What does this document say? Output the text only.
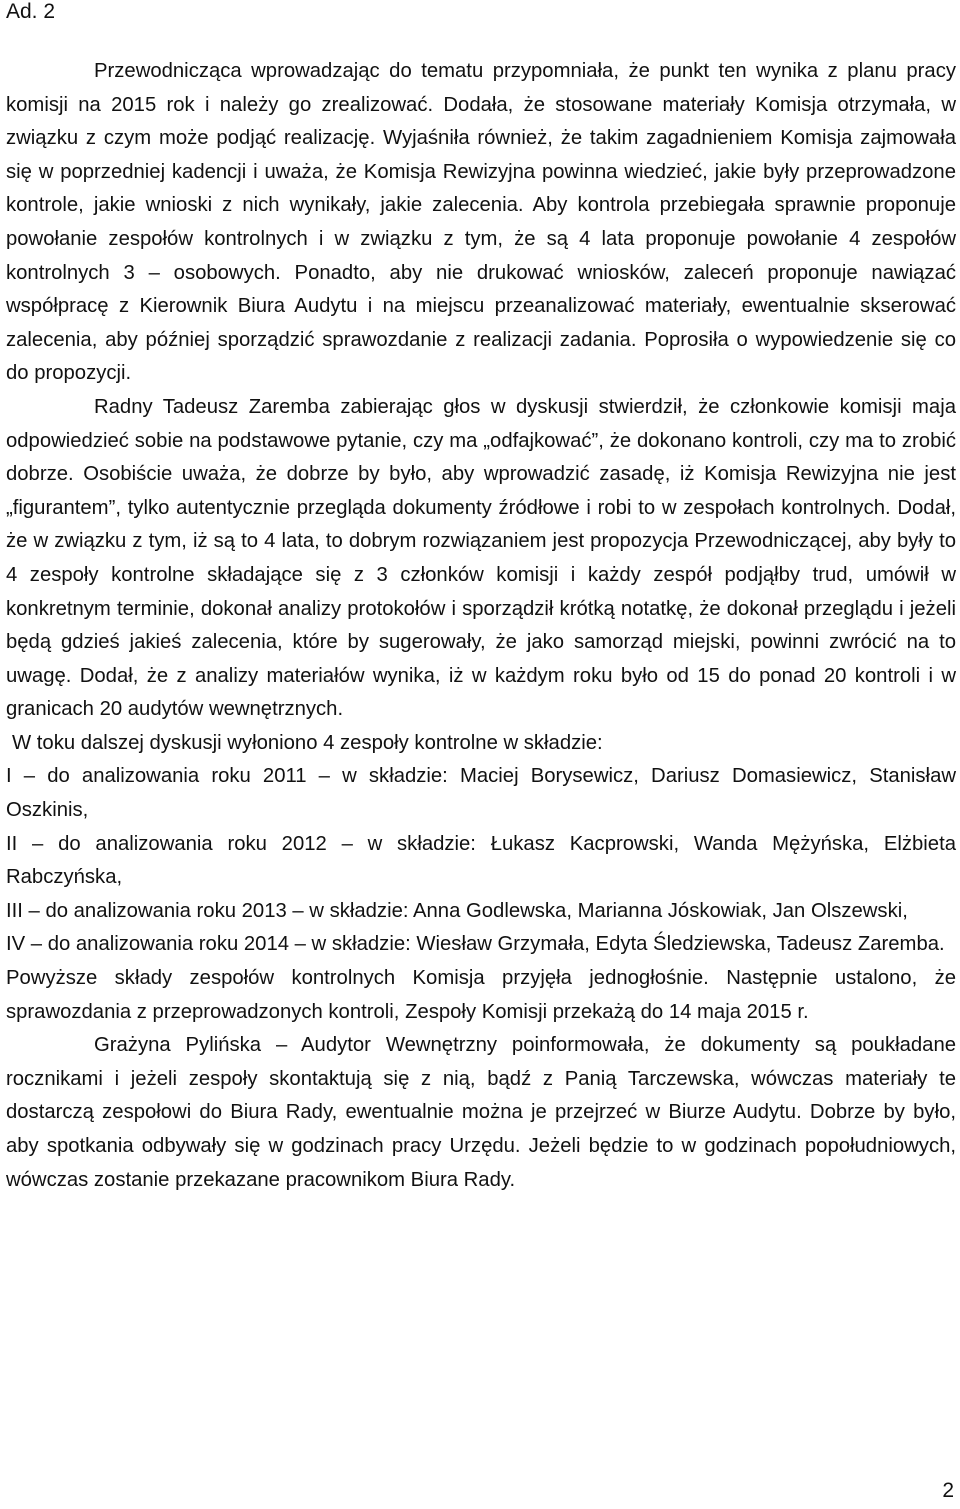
Ad. 2

Przewodnicząca wprowadzając do tematu przypomniała, że punkt ten wynika z planu pracy komisji na 2015 rok i należy go zrealizować. Dodała, że stosowane materiały Komisja otrzymała, w związku z czym może podjąć realizację. Wyjaśniła również, że takim zagadnieniem Komisja zajmowała się w poprzedniej kadencji i uważa, że Komisja Rewizyjna powinna wiedzieć, jakie były przeprowadzone kontrole, jakie wnioski z nich wynikały, jakie zalecenia. Aby kontrola przebiegała sprawnie proponuje powołanie zespołów kontrolnych i w związku z tym, że są 4 lata proponuje powołanie 4 zespołów kontrolnych 3 – osobowych. Ponadto, aby nie drukować wniosków, zaleceń proponuje nawiązać współpracę z Kierownik Biura Audytu i na miejscu przeanalizować materiały, ewentualnie skserować zalecenia, aby później sporządzić sprawozdanie z realizacji zadania. Poprosiła o wypowiedzenie się co do propozycji.

Radny Tadeusz Zaremba zabierając głos w dyskusji stwierdził, że członkowie komisji maja odpowiedzieć sobie na podstawowe pytanie, czy ma „odfajkować”, że dokonano kontroli, czy ma to zrobić dobrze. Osobiście uważa, że dobrze by było, aby wprowadzić zasadę, iż Komisja Rewizyjna nie jest „figurantem”, tylko autentycznie przegląda dokumenty źródłowe i robi to w zespołach kontrolnych. Dodał, że w związku z tym, iż są to 4 lata, to dobrym rozwiązaniem jest propozycja Przewodniczącej, aby były to 4 zespoły kontrolne składające się z 3 członków komisji i każdy zespół podjąłby trud, umówił w konkretnym terminie, dokonał analizy protokołów i sporządził krótką notatkę, że dokonał przeglądu i jeżeli będą gdzieś jakieś zalecenia, które by sugerowały, że jako samorząd miejski, powinni zwrócić na to uwagę. Dodał, że z analizy materiałów wynika, iż w każdym roku było od 15 do ponad 20 kontroli i w granicach 20 audytów wewnętrznych.

W toku dalszej dyskusji wyłoniono 4 zespoły kontrolne w składzie:

I – do analizowania roku 2011 – w składzie: Maciej Borysewicz, Dariusz Domasiewicz, Stanisław Oszkinis,

II – do analizowania roku 2012 – w składzie: Łukasz Kacprowski, Wanda Mężyńska, Elżbieta Rabczyńska,

III – do analizowania roku 2013 – w składzie: Anna Godlewska, Marianna Jóskowiak, Jan Olszewski,

IV – do analizowania roku 2014 – w składzie: Wiesław Grzymała, Edyta Śledziewska, Tadeusz Zaremba.

Powyższe składy zespołów kontrolnych Komisja przyjęła jednogłośnie. Następnie ustalono, że sprawozdania z przeprowadzonych kontroli, Zespoły Komisji przekażą do 14 maja 2015 r.

Grażyna Pylińska – Audytor Wewnętrzny poinformowała, że dokumenty są poukładane rocznikami i jeżeli zespoły skontaktują się z nią, bądź z Panią Tarczewska, wówczas materiały te dostarczą zespołowi do Biura Rady, ewentualnie można je przejrzeć w Biurze Audytu. Dobrze by było, aby spotkania odbywały się w godzinach pracy Urzędu. Jeżeli będzie to w godzinach popołudniowych, wówczas zostanie przekazane pracownikom Biura Rady.

2
